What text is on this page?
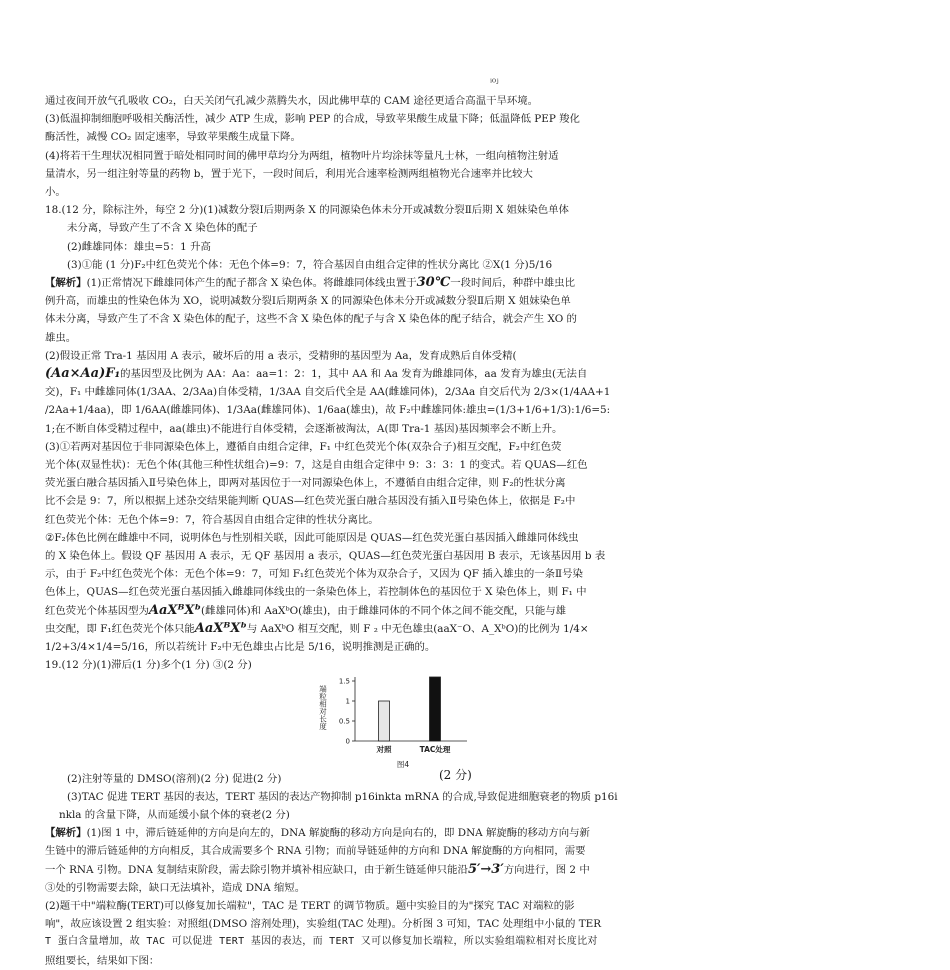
ⁱ⁰ʲ

通过夜间开放气孔吸收 CO₂，白天关闭气孔减少蒸腾失水，因此佛甲草的 CAM 途径更适合高温干旱环境。

(3)低温抑制细胞呼吸相关酶活性，减少 ATP 生成，影响 PEP 的合成，导致苹果酸生成量下降；低温降低 PEP 羧化

酶活性，减慢 CO₂ 固定速率，导致苹果酸生成量下降。

(4)将若干生理状况相同置于暗处相同时间的佛甲草均分为两组，植物叶片均涂抹等量凡士林，一组向植物注射适

量清水，另一组注射等量的药物 b，置于光下，一段时间后，利用光合速率检测两组植物光合速率并比较大

小。

18.(12 分，除标注外，每空 2 分)(1)减数分裂Ⅰ后期两条 X 的同源染色体未分开或减数分裂Ⅱ后期 X 姐妹染色单体

未分离，导致产生了不含 X 染色体的配子

(2)雌雄同体：雄虫=5：1 升高

(3)①能 (1 分)F₂中红色荧光个体：无色个体=9：7，符合基因自由组合定律的性状分离比 ②X(1 分)5/16

【解析】(1)正常情况下雌雄同体产生的配子都含 X 染色体。将雌雄同体线虫置于30℃一段时间后，种群中雄虫比

例升高，而雄虫的性染色体为 XO，说明减数分裂Ⅰ后期两条 X 的同源染色体未分开或减数分裂Ⅱ后期 X 姐妹染色单

体未分离，导致产生了不含 X 染色体的配子，这些不含 X 染色体的配子与含 X 染色体的配子结合，就会产生 XO 的

雄虫。

(2)假设正常 Tra-1 基因用 A 表示，破坏后的用 a 表示，受精卵的基因型为 Aa，发育成熟后自体受精(

(Aa×Aa)F₁的基因型及比例为 AA：Aa：aa=1：2：1，其中 AA 和 Aa 发育为雌雄同体，aa 发育为雄虫(无法自

交)，F₁ 中雌雄同体(1/3AA、2/3Aa)自体受精，1/3AA 自交后代全是 AA(雌雄同体)，2/3Aa 自交后代为 2/3×(1/4AA+1

/2Aa+1/4aa)，即 1/6AA(雌雄同体)、1/3Aa(雌雄同体)、1/6aa(雄虫)，故 F₂中雌雄同体:雄虫=(1/3+1/6+1/3):1/6=5:

1;在不断自体受精过程中，aa(雄虫)不能进行自体受精，会逐渐被淘汰，A(即 Tra-1 基因)基因频率会不断上升。

(3)①若两对基因位于非同源染色体上，遵循自由组合定律，F₁ 中红色荧光个体(双杂合子)相互交配，F₂中红色荧

光个体(双显性状)：无色个体(其他三种性状组合)=9：7，这是自由组合定律中 9：3：3：1 的变式。若 QUAS—红色

荧光蛋白融合基因插入Ⅱ号染色体上，即两对基因位于一对同源染色体上，不遵循自由组合定律，则 F₂的性状分离

比不会是 9：7，所以根据上述杂交结果能判断 QUAS—红色荧光蛋白融合基因没有插入Ⅱ号染色体上，依据是 F₂中

红色荧光个体：无色个体=9：7，符合基因自由组合定律的性状分离比。

②F₂体色比例在雌雄中不同，说明体色与性别相关联，因此可能原因是 QUAS—红色荧光蛋白基因插入雌雄同体线虫

的 X 染色体上。假设 QF 基因用 A 表示，无 QF 基因用 a 表示，QUAS—红色荧光蛋白基因用 B 表示，无该基因用 b 表

示，由于 F₂中红色荧光个体：无色个体=9：7，可知 F₁红色荧光个体为双杂合子，又因为 QF 插入雄虫的一条Ⅱ号染

色体上，QUAS—红色荧光蛋白基因插入雌雄同体线虫的一条染色体上，若控制体色的基因位于 X 染色体上，则 F₁ 中

红色荧光个体基因型为AaXᴮXᵇ(雌雄同体)和 AaXᵇO(雄虫)，由于雌雄同体的不同个体之间不能交配，只能与雄

虫交配，即 F₁红色荧光个体只能AaXᴮXᵇ与 AaXᵇO 相互交配，则 F ₂ 中无色雄虫(aaX⁻O、A_XᵇO)的比例为 1/4×

1/2+3/4×1/4=5/16，所以若统计 F₂中无色雄虫占比是 5/16，说明推测是正确的。

19.(12 分)(1)滞后(1 分)多个(1 分) ③(2 分)

端粒相对长度
0
0.5
1
1.5
对照	TAC处理
图4

(2)注射等量的 DMSO(溶剂)(2 分) 促进(2 分)	(2 分)

(3)TAC 促进 TERT 基因的表达，TERT 基因的表达产物抑制 p16inkta mRNA 的合成,导致促进细胞衰老的物质 p16i

nkla 的含量下降，从而延缓小鼠个体的衰老(2 分)

【解析】(1)图 1 中，滞后链延伸的方向是向左的，DNA 解旋酶的移动方向是向右的，即 DNA 解旋酶的移动方向与新

生链中的滞后链延伸的方向相反，其合成需要多个 RNA 引物；而前导链延伸的方向和 DNA 解旋酶的方向相同，需要

一个 RNA 引物。DNA 复制结束阶段，需去除引物并填补相应缺口，由于新生链延伸只能沿5′→3′方向进行，图 2 中

③处的引物需要去除，缺口无法填补，造成 DNA 缩短。

(2)题干中"端粒酶(TERT)可以修复加长端粒"，TAC 是 TERT 的调节物质。题中实验目的为"探究 TAC 对端粒的影

响"，故应该设置 2 组实验：对照组(DMSO 溶剂处理)，实验组(TAC 处理)。分析图 3 可知，TAC 处理组中小鼠的 TER

T 蛋白含量增加，故 TAC 可以促进 TERT 基因的表达，而 TERT 又可以修复加长端粒，所以实验组端粒相对长度比对

照组要长，结果如下图：
